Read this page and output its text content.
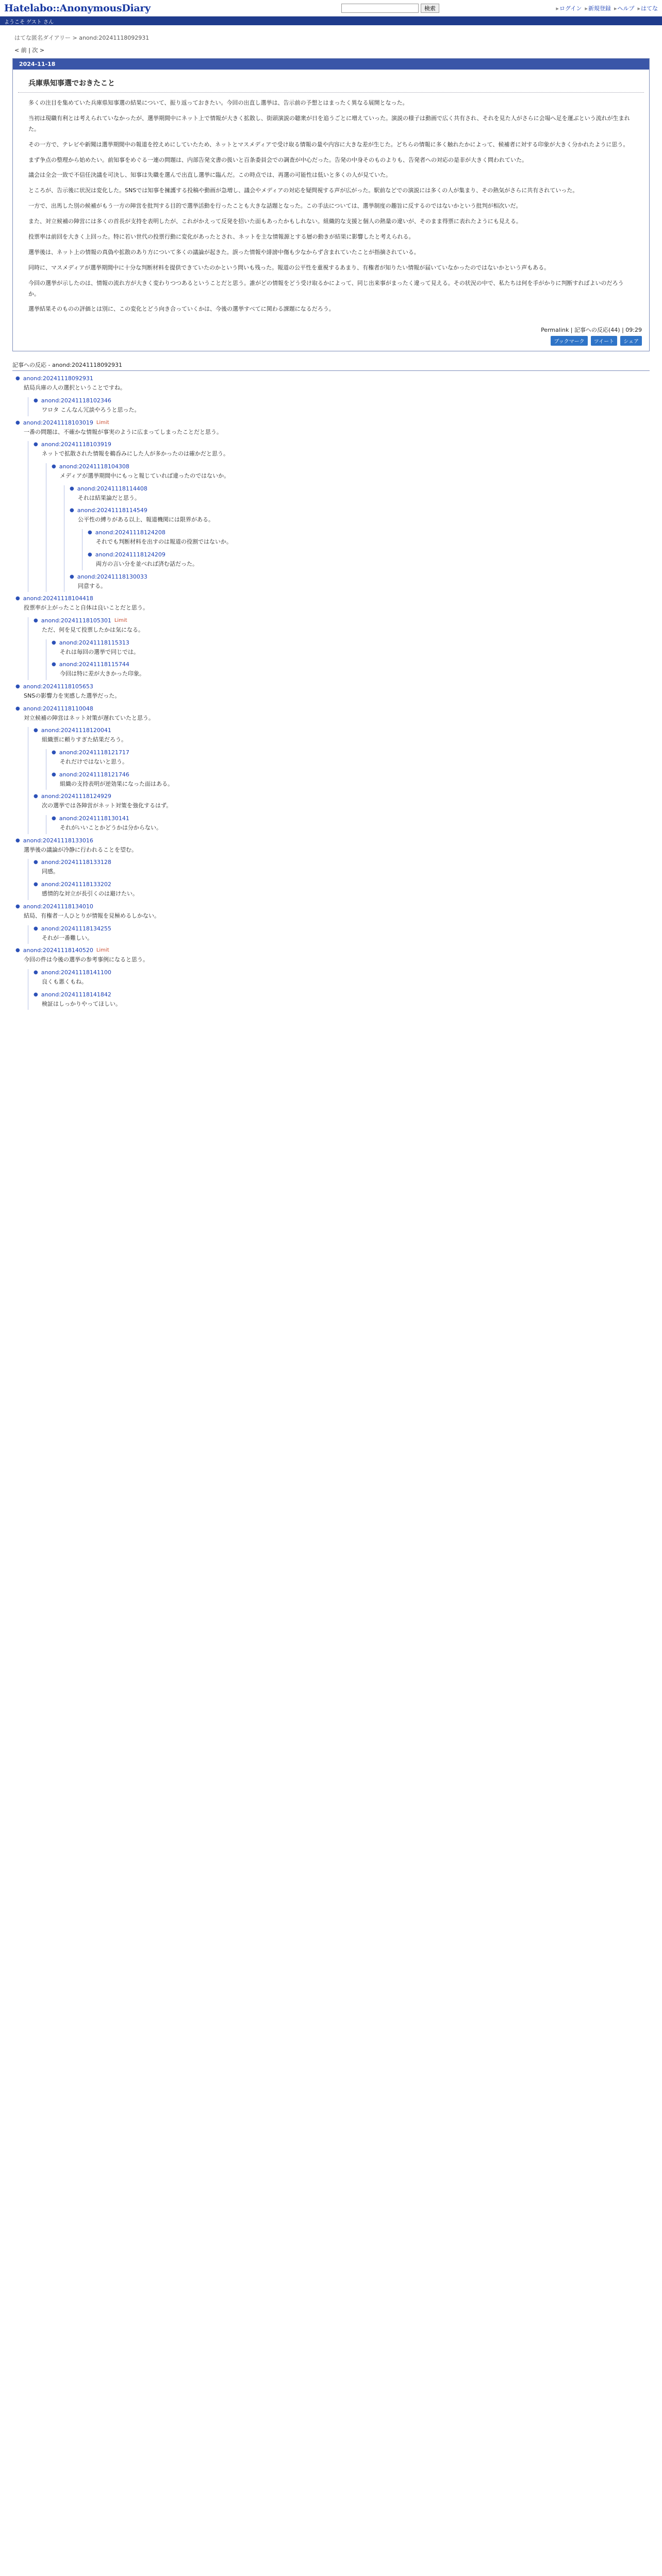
Hatelabo::AnonymousDiary	検索	▸ ログイン	▸ 新規登録	▸ ヘルプ	▸ はてな
ようこそ ゲスト さん
はてな匿名ダイアリー > anond:20241118092931
< 前 | 次 >
2024-11-18
兵庫県知事選でおきたこと

多くの注目を集めていた兵庫県知事選の結果について、振り返っておきたい。今回の出直し選挙は、告示前の予想とはまったく異なる展開となった。

当初は現職有利とは考えられていなかったが、選挙期間中にネット上で情報が大きく拡散し、街頭演説の聴衆が日を追うごとに増えていった。演説の様子は動画で広く共有され、それを見た人がさらに会場へ足を運ぶという流れが生まれた。

その一方で、テレビや新聞は選挙期間中の報道を控えめにしていたため、ネットとマスメディアで受け取る情報の量や内容に大きな差が生じた。どちらの情報に多く触れたかによって、候補者に対する印象が大きく分かれたように思う。

まず争点の整理から始めたい。前知事をめぐる一連の問題は、内部告発文書の扱いと百条委員会での調査が中心だった。告発の中身そのものよりも、告発者への対応の是非が大きく問われていた。

議会は全会一致で不信任決議を可決し、知事は失職を選んで出直し選挙に臨んだ。この時点では、再選の可能性は低いと多くの人が見ていた。

ところが、告示後に状況は変化した。SNSでは知事を擁護する投稿や動画が急増し、議会やメディアの対応を疑問視する声が広がった。駅前などでの演説には多くの人が集まり、その熱気がさらに共有されていった。

一方で、出馬した別の候補がもう一方の陣営を批判する目的で選挙活動を行ったことも大きな話題となった。この手法については、選挙制度の趣旨に反するのではないかという批判が相次いだ。

また、対立候補の陣営には多くの首長が支持を表明したが、これがかえって反発を招いた面もあったかもしれない。組織的な支援と個人の熱量の違いが、そのまま得票に表れたようにも見える。

投票率は前回を大きく上回った。特に若い世代の投票行動に変化があったとされ、ネットを主な情報源とする層の動きが結果に影響したと考えられる。

選挙後は、ネット上の情報の真偽や拡散のあり方について多くの議論が起きた。誤った情報や誹謗中傷も少なからず含まれていたことが指摘されている。

同時に、マスメディアが選挙期間中に十分な判断材料を提供できていたのかという問いも残った。報道の公平性を重視するあまり、有権者が知りたい情報が届いていなかったのではないかという声もある。

今回の選挙が示したのは、情報の流れ方が大きく変わりつつあるということだと思う。誰がどの情報をどう受け取るかによって、同じ出来事がまったく違って見える。その状況の中で、私たちは何を手がかりに判断すればよいのだろうか。

選挙結果そのものの評価とは別に、この変化とどう向き合っていくかは、今後の選挙すべてに関わる課題になるだろう。

Permalink | 記事への反応(44) | 09:29
ブックマーク	ツイート	シェア
記事への反応 - anond:20241118092931
● anond:20241118092931
結局兵庫の人の選択ということですね。
● anond:20241118102346
ワロタ こんなん冗談やろうと思った。
● anond:20241118103019 Limit
一番の問題は、不確かな情報が事実のように広まってしまったことだと思う。
● anond:20241118103919
ネットで拡散された情報を鵜呑みにした人が多かったのは確かだと思う。
● anond:20241118104308
メディアが選挙期間中にもっと報じていれば違ったのではないか。
● anond:20241118114408
それは結果論だと思う。
● anond:20241118114549
公平性の縛りがある以上、報道機関には限界がある。
● anond:20241118124208
それでも判断材料を出すのは報道の役割ではないか。
● anond:20241118124209
両方の言い分を並べれば済む話だった。
● anond:20241118130033
同意する。
● anond:20241118104418
投票率が上がったこと自体は良いことだと思う。
● anond:20241118105301 Limit
ただ、何を見て投票したかは気になる。
● anond:20241118115313
それは毎回の選挙で同じでは。
● anond:20241118115744
今回は特に差が大きかった印象。
● anond:20241118105653
SNSの影響力を実感した選挙だった。
● anond:20241118110048
対立候補の陣営はネット対策が遅れていたと思う。
● anond:20241118120041
組織票に頼りすぎた結果だろう。
● anond:20241118121717
それだけではないと思う。
● anond:20241118121746
組織の支持表明が逆効果になった面はある。
● anond:20241118124929
次の選挙では各陣営がネット対策を強化するはず。
● anond:20241118130141
それがいいことかどうかは分からない。
● anond:20241118133016
選挙後の議論が冷静に行われることを望む。
● anond:20241118133128
同感。
● anond:20241118133202
感情的な対立が長引くのは避けたい。
● anond:20241118134010
結局、有権者一人ひとりが情報を見極めるしかない。
● anond:20241118134255
それが一番難しい。
● anond:20241118140520 Limit
今回の件は今後の選挙の参考事例になると思う。
● anond:20241118141100
良くも悪くもね。
● anond:20241118141842
検証はしっかりやってほしい。
